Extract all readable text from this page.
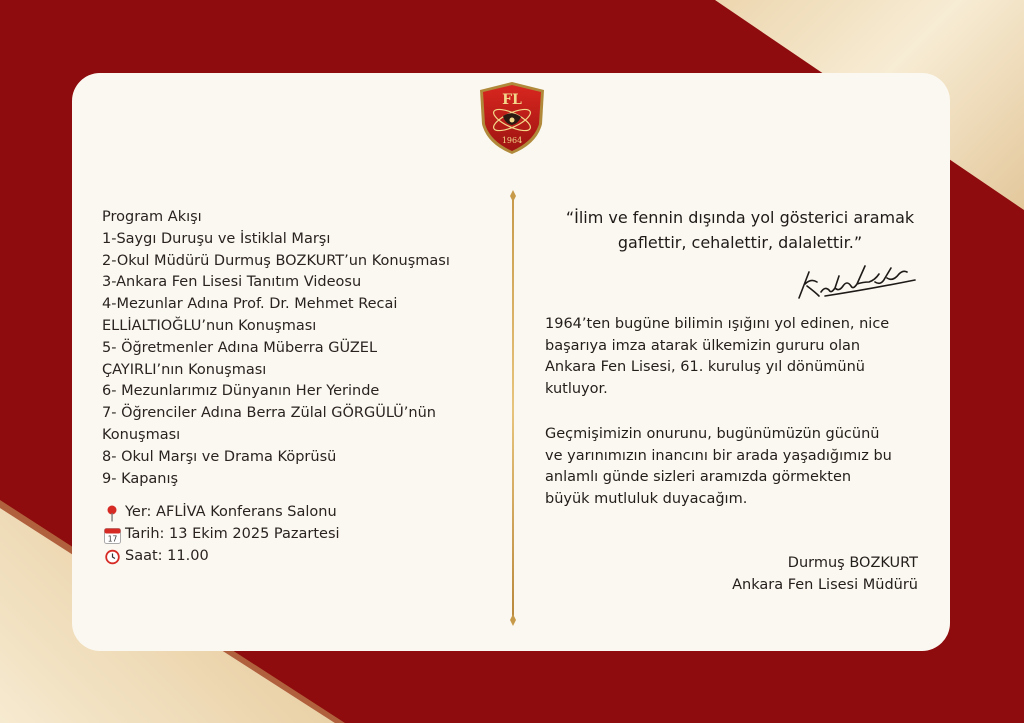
FL
1964
Program Akışı
1-Saygı Duruşu ve İstiklal Marşı
2-Okul Müdürü Durmuş BOZKURT’un Konuşması
3-Ankara Fen Lisesi Tanıtım Videosu
4-Mezunlar Adına Prof. Dr. Mehmet Recai
ELLİALTIOĞLU’nun Konuşması
5- Öğretmenler Adına Müberra GÜZEL
ÇAYIRLI’nın Konuşması
6- Mezunlarımız Dünyanın Her Yerinde
7- Öğrenciler Adına Berra Zülal GÖRGÜLÜ’nün
Konuşması
8- Okul Marşı ve Drama Köprüsü
9- Kapanış
Yer: AFLİVA Konferans Salonu
17 Tarih: 13 Ekim 2025 Pazartesi
Saat: 11.00
“İlim ve fennin dışında yol gösterici aramak
gaflettir, cehalettir, dalalettir.”
1964’ten bugüne bilimin ışığını yol edinen, nice
başarıya imza atarak ülkemizin gururu olan
Ankara Fen Lisesi, 61. kuruluş yıl dönümünü
kutluyor.
Geçmişimizin onurunu, bugünümüzün gücünü
ve yarınımızın inancını bir arada yaşadığımız bu
anlamlı günde sizleri aramızda görmekten
büyük mutluluk duyacağım.
Durmuş BOZKURT
Ankara Fen Lisesi Müdürü
